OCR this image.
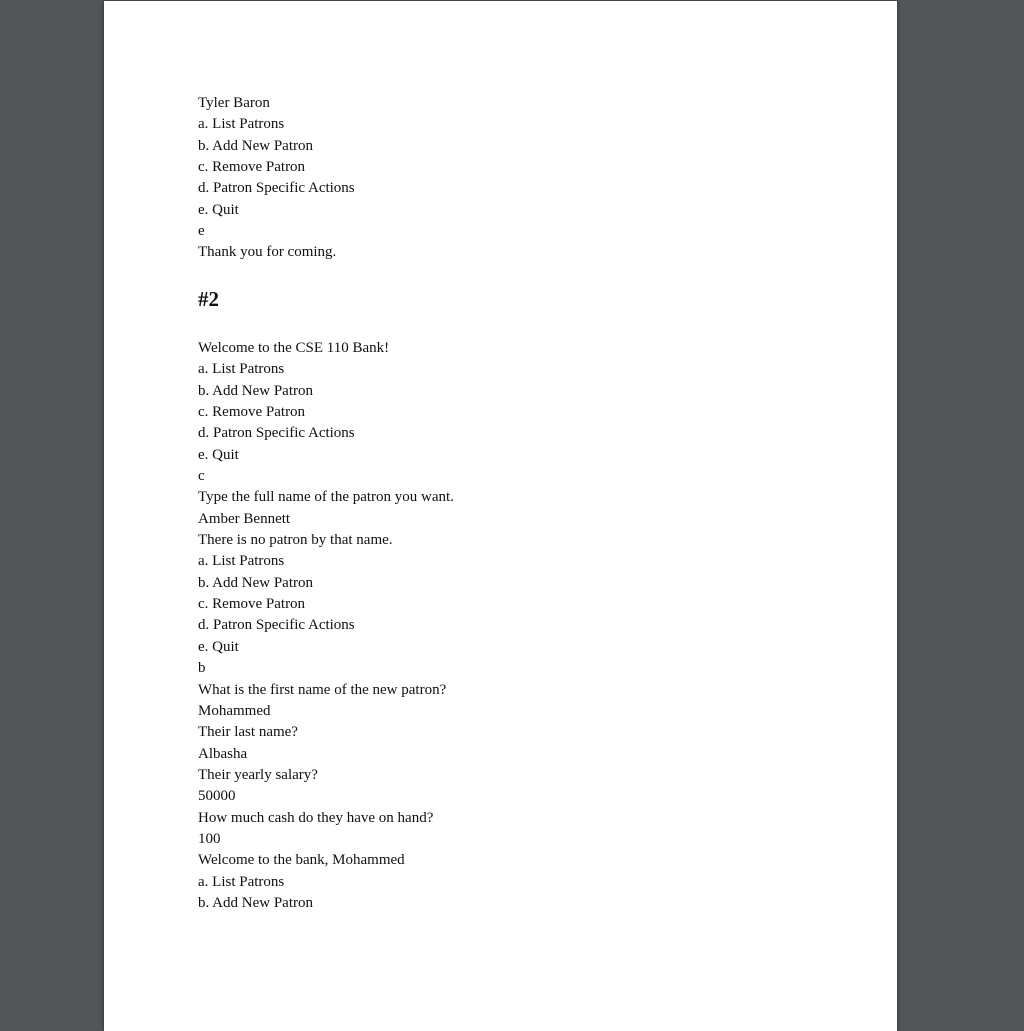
Tyler Baron
a. List Patrons
b. Add New Patron
c. Remove Patron
d. Patron Specific Actions
e. Quit
e
Thank you for coming.
#2
Welcome to the CSE 110 Bank!
a. List Patrons
b. Add New Patron
c. Remove Patron
d. Patron Specific Actions
e. Quit
c
Type the full name of the patron you want.
Amber Bennett
There is no patron by that name.
a. List Patrons
b. Add New Patron
c. Remove Patron
d. Patron Specific Actions
e. Quit
b
What is the first name of the new patron?
Mohammed
Their last name?
Albasha
Their yearly salary?
50000
How much cash do they have on hand?
100
Welcome to the bank, Mohammed
a. List Patrons
b. Add New Patron
